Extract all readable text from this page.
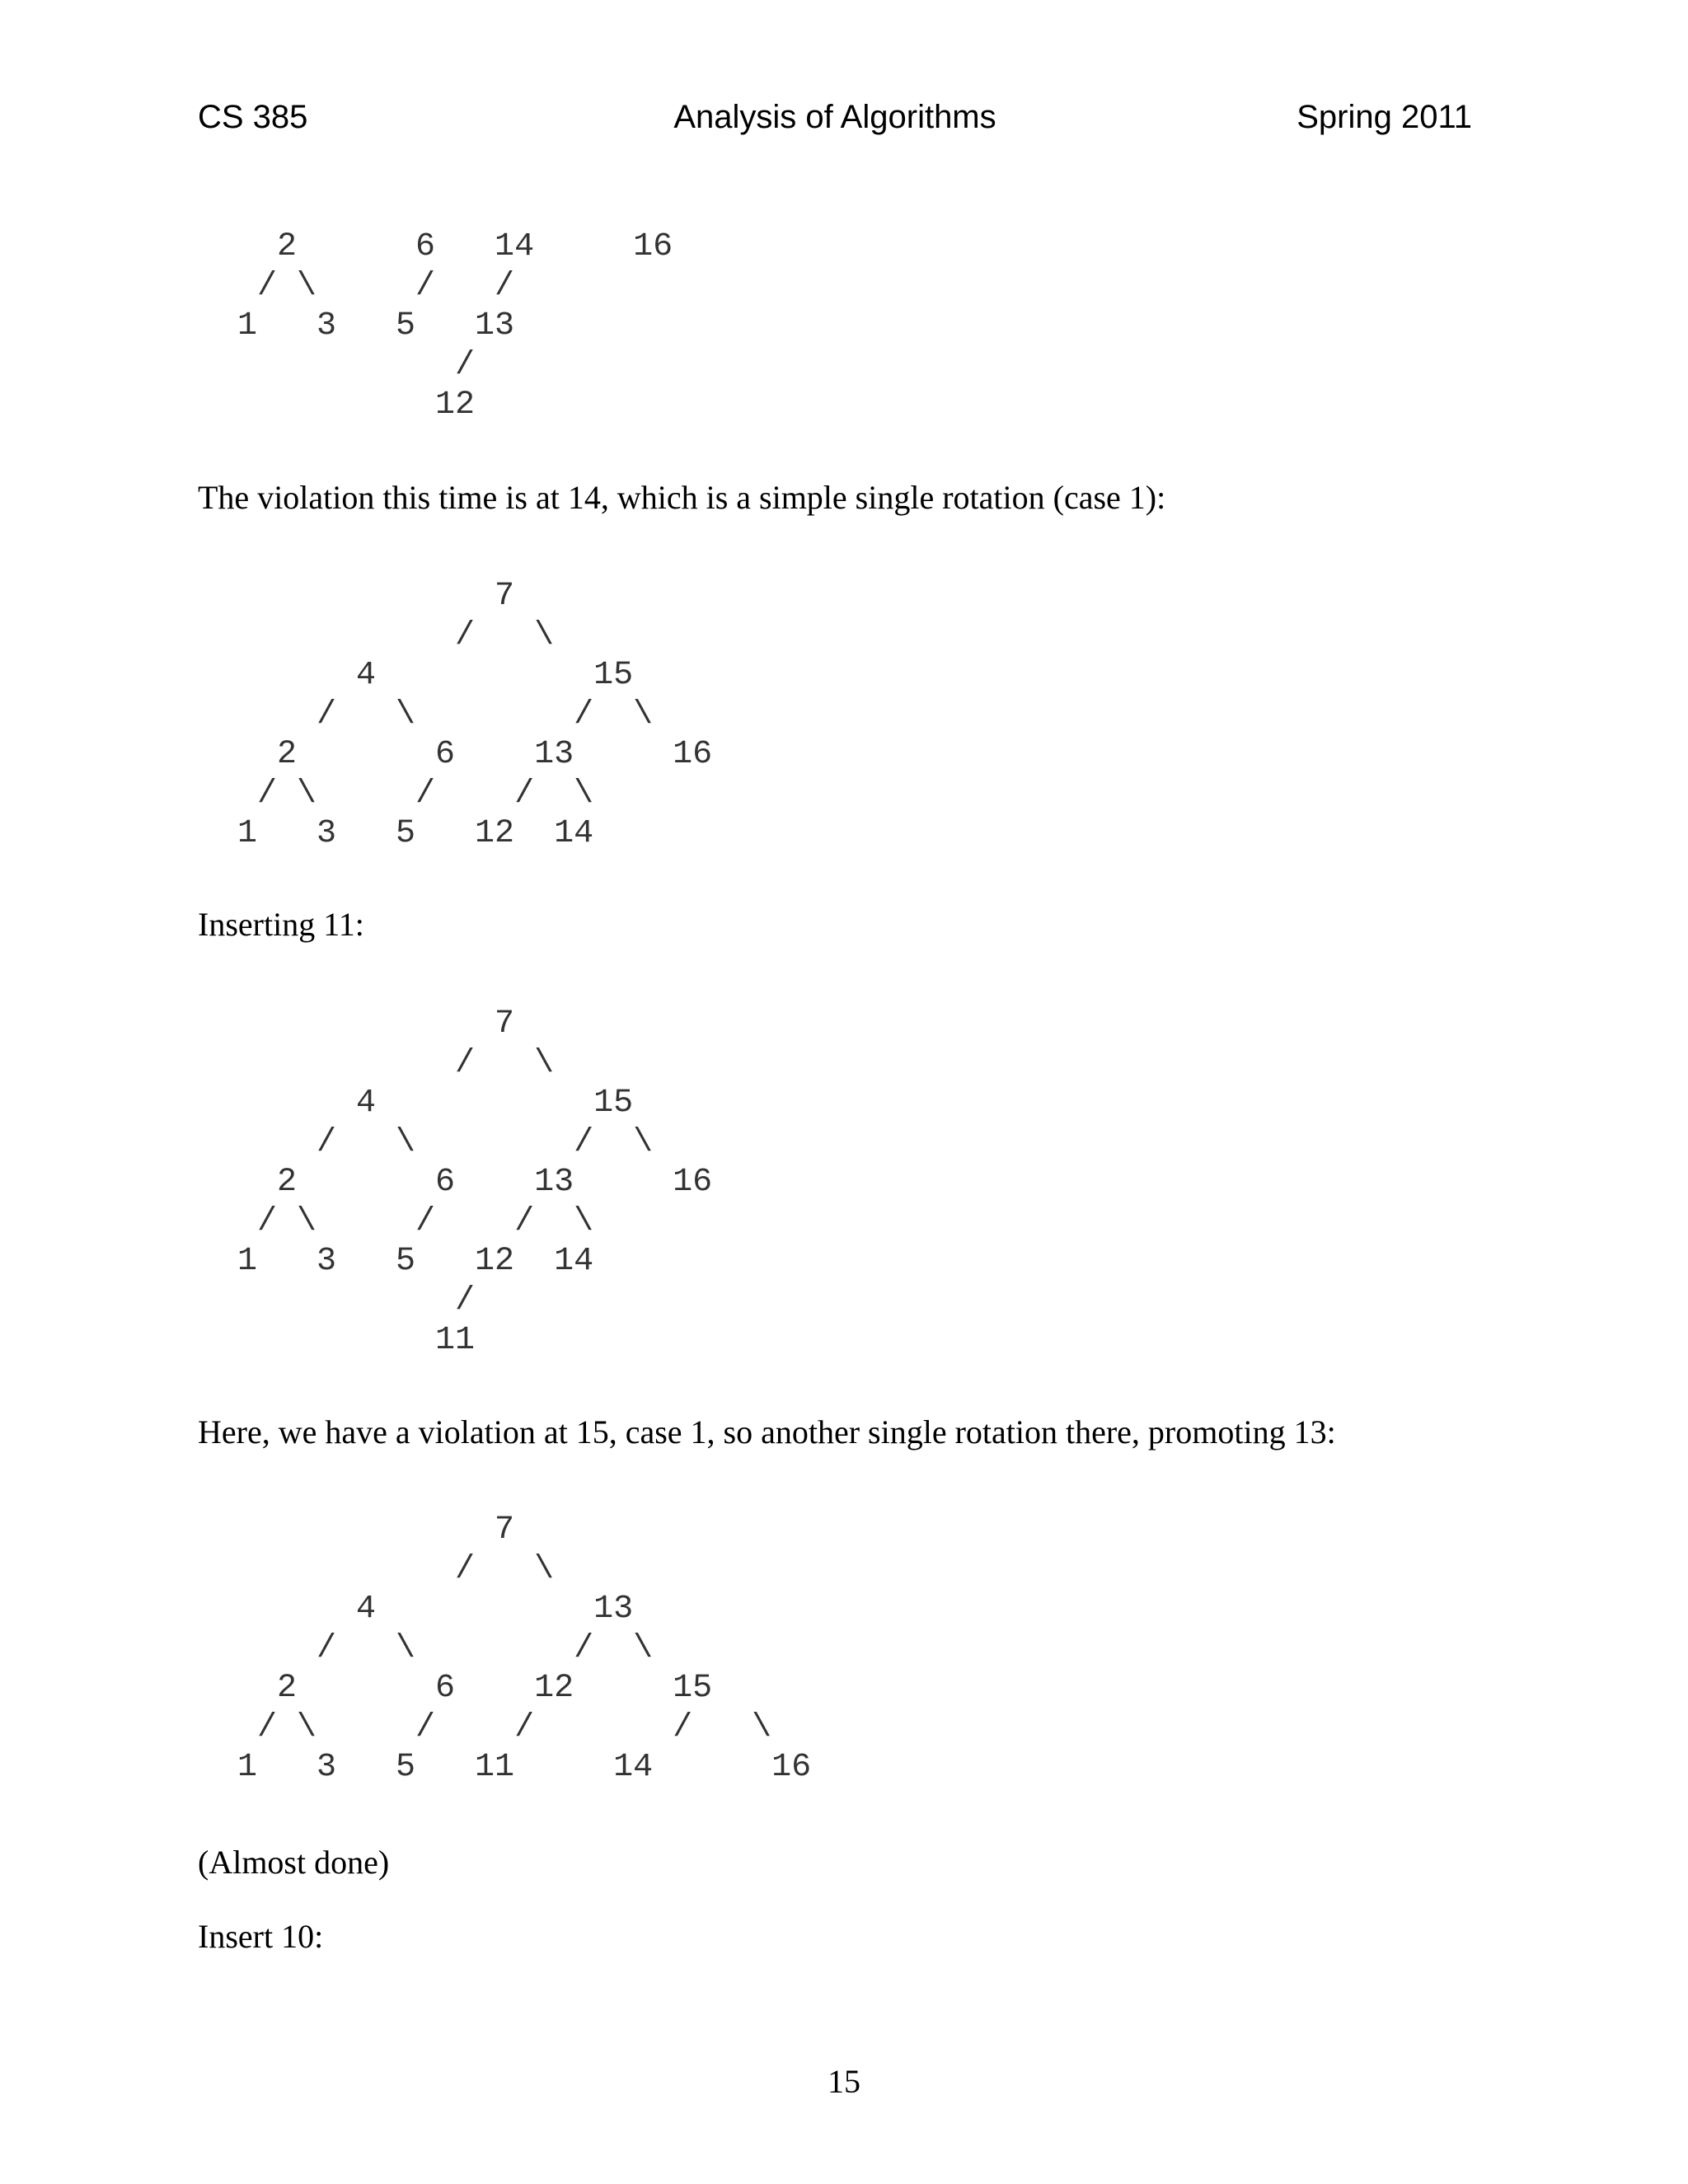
CS 385	Analysis of Algorithms	Spring 2011
2      6   14     16
/ \     /   /
1   3   5   13
/
12

The violation this time is at 14, which is a simple single rotation (case 1):

7
/   \
4           15
/   \        /  \
2       6    13     16
/ \     /    /  \
1   3   5   12  14

Inserting 11:

7
/   \
4           15
/   \        /  \
2       6    13     16
/ \     /    /  \
1   3   5   12  14
/
11

Here, we have a violation at 15, case 1, so another single rotation there, promoting 13:

7
/   \
4           13
/   \        /  \
2       6    12     15
/ \     /    /       /   \
1   3   5   11     14      16

(Almost done)

Insert 10:

15
